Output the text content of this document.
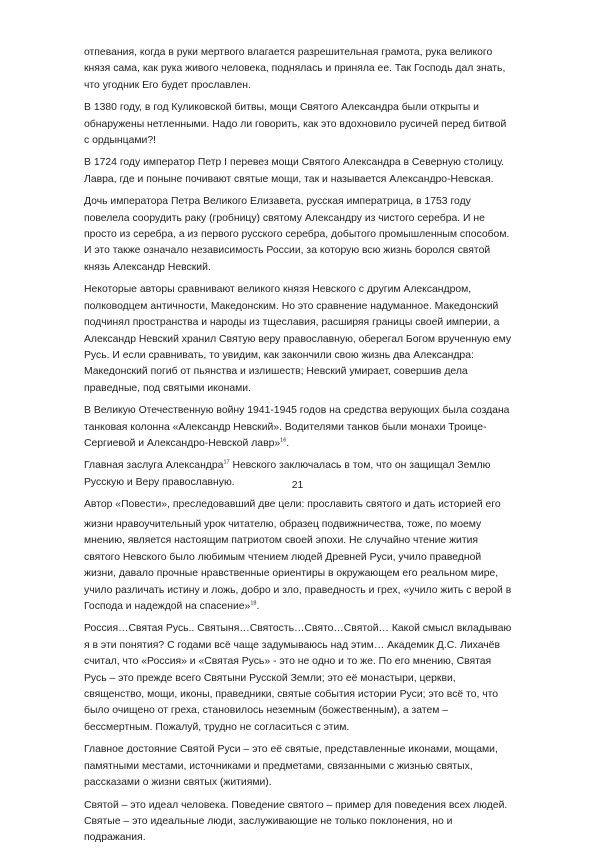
отпевания, когда в руки мертвого влагается разрешительная грамота, рука великого князя сама, как рука живого человека, поднялась и приняла ее. Так Господь дал знать, что угодник Его будет прославлен.

В 1380 году, в год Куликовской битвы, мощи Святого Александра были открыты и обнаружены нетленными. Надо ли говорить, как это вдохновило русичей перед битвой с ордынцами?!

В 1724 году император Петр I перевез мощи Святого Александра в Северную столицу. Лавра, где и поныне почивают святые мощи, так и называется Александро-Невская.

Дочь императора Петра Великого Елизавета, русская императрица, в 1753 году повелела соорудить раку (гробницу) святому Александру из чистого серебра. И не просто из серебра, а из первого русского серебра, добытого промышленным способом. И это также означало независимость России, за которую всю жизнь боролся святой князь Александр Невский.

Некоторые авторы сравнивают великого князя Невского с другим Александром, полководцем античности, Македонским. Но это сравнение надуманное. Македонский подчинял пространства и народы из тщеславия, расширяя границы своей империи, а Александр Невский хранил Святую веру православную, оберегал Богом врученную ему Русь. И если сравнивать, то увидим, как закончили свою жизнь два Александра: Македонский погиб от пьянства и излишеств; Невский умирает, совершив дела праведные, под святыми иконами.

В Великую Отечественную войну 1941-1945 годов на средства верующих была создана танковая колонна «Александр Невский». Водителями танков были монахи Троице-Сергиевой и Александро-Невской лавр»$^{16}$.

Главная заслуга Александра$^{17}$ Невского заключалась в том, что он защищал Землю Русскую и Веру православную.

Автор «Повести», преследовавший две цели: прославить святого и дать историей его

21

жизни нравоучительный урок читателю, образец подвижничества, тоже, по моему мнению, является настоящим патриотом своей эпохи. Не случайно чтение жития святого Невского было любимым чтением людей Древней Руси, учило праведной жизни, давало прочные нравственные ориентиры в окружающем его реальном мире, учило различать истину и ложь, добро и зло, праведность и грех, «учило жить с верой в Господа и надеждой на спасение»$^{18}$.

Россия…Святая Русь.. Святыня…Святость…Свято…Святой… Какой смысл вкладываю я в эти понятия? С годами всё чаще задумываюсь над этим… Академик Д.С. Лихачёв считал, что «Россия» и «Святая Русь» - это не одно и то же. По его мнению, Святая Русь – это прежде всего Святыни Русской Земли; это её монастыри, церкви, священство, мощи, иконы, праведники, святые события истории Руси; это всё то, что было очищено от греха, становилось неземным (божественным), а затем – бессмертным. Пожалуй, трудно не согласиться с этим.

Главное достояние Святой Руси – это её святые, представленные иконами, мощами, памятными местами, источниками и предметами, связанными с жизнью святых, рассказами о жизни святых (житиями).

Святой – это идеал человека. Поведение святого – пример для поведения всех людей. Святые – это идеальные люди, заслуживающие не только поклонения, но и подражания.
